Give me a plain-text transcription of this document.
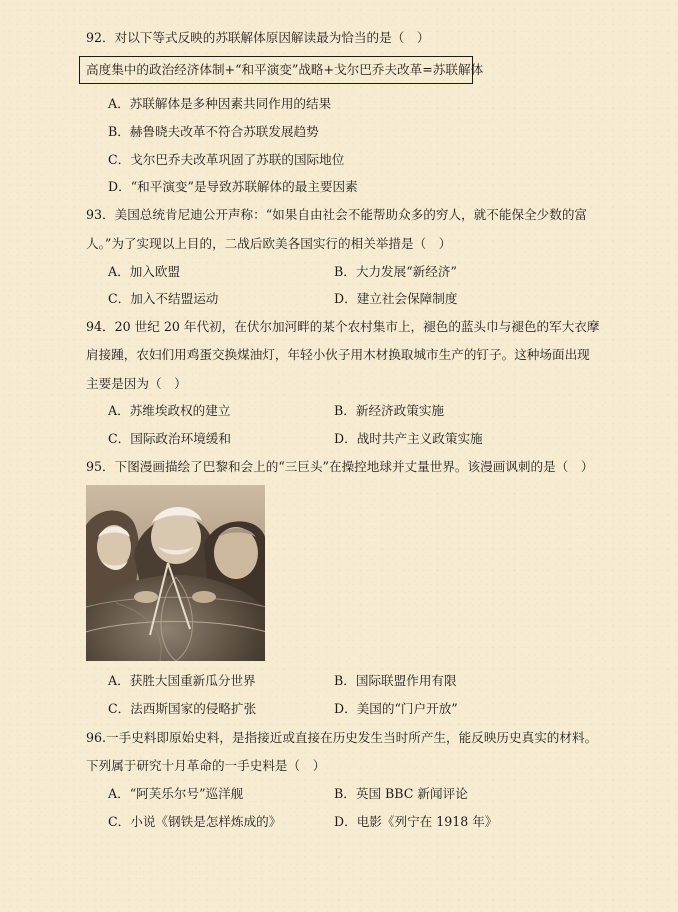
92．对以下等式反映的苏联解体原因解读最为恰当的是（　）
高度集中的政治经济体制+“和平演变”战略+戈尔巴乔夫改革=苏联解体
A．苏联解体是多种因素共同作用的结果
B．赫鲁晓夫改革不符合苏联发展趋势
C．戈尔巴乔夫改革巩固了苏联的国际地位
D．“和平演变”是导致苏联解体的最主要因素
93．美国总统肯尼迪公开声称：“如果自由社会不能帮助众多的穷人，就不能保全少数的富
人。”为了实现以上目的，二战后欧美各国实行的相关举措是（　）
A．加入欧盟	B．大力发展“新经济”
C．加入不结盟运动	D．建立社会保障制度
94．20 世纪 20 年代初，在伏尔加河畔的某个农村集市上，褪色的蓝头巾与褪色的军大衣摩
肩接踵，农妇们用鸡蛋交换煤油灯，年轻小伙子用木材换取城市生产的钉子。这种场面出现
主要是因为（　）
A．苏维埃政权的建立	B．新经济政策实施
C．国际政治环境缓和	D．战时共产主义政策实施
95．下图漫画描绘了巴黎和会上的“三巨头”在操控地球并丈量世界。该漫画讽刺的是（　）
A．获胜大国重新瓜分世界	B．国际联盟作用有限
C．法西斯国家的侵略扩张	D．美国的“门户开放”
96.一手史料即原始史料，是指接近或直接在历史发生当时所产生，能反映历史真实的材料。
下列属于研究十月革命的一手史料是（　）
A．“阿芙乐尔号”巡洋舰	B．英国 BBC 新闻评论
C．小说《钢铁是怎样炼成的》	D．电影《列宁在 1918 年》
